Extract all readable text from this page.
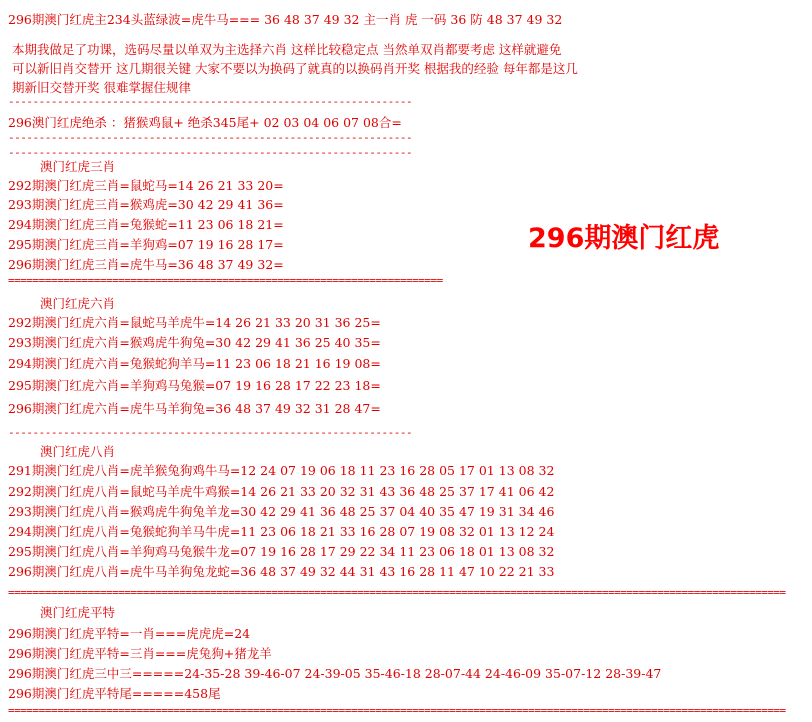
296期澳门红虎主234头蓝绿波=虎牛马=== 36 48 37 49 32 主一肖 虎 一码 36 防 48 37 49 32
本期我做足了功课，选码尽量以单双为主选择六肖 这样比较稳定点 当然单双肖都要考虑 这样就避免
可以新旧肖交替开 这几期很关键 大家不要以为换码了就真的以换码肖开奖 根据我的经验 每年都是这几
期新旧交替开奖 很难掌握住规律
------------------------------------------------------------------
296澳门红虎绝杀 ：猪猴鸡鼠+ 绝杀345尾+ 02 03 04 06 07 08合=
------------------------------------------------------------------
------------------------------------------------------------------
澳门红虎三肖
292期澳门红虎三肖=鼠蛇马=14 26 21 33 20=
293期澳门红虎三肖=猴鸡虎=30 42 29 41 36=
294期澳门红虎三肖=兔猴蛇=11 23 06 18 21=
295期澳门红虎三肖=羊狗鸡=07 19 16 28 17=
296期澳门红虎三肖=虎牛马=36 48 37 49 32=
=======================================================================
296期澳门红虎
澳门红虎六肖
292期澳门红虎六肖=鼠蛇马羊虎牛=14 26 21 33 20 31 36 25=
293期澳门红虎六肖=猴鸡虎牛狗兔=30 42 29 41 36 25 40 35=
294期澳门红虎六肖=兔猴蛇狗羊马=11 23 06 18 21 16 19 08=
295期澳门红虎六肖=羊狗鸡马兔猴=07 19 16 28 17 22 23 18=
296期澳门红虎六肖=虎牛马羊狗兔=36 48 37 49 32 31 28 47=
------------------------------------------------------------------
澳门红虎八肖
291期澳门红虎八肖=虎羊猴兔狗鸡牛马=12 24 07 19 06 18 11 23 16 28 05 17 01 13 08 32
292期澳门红虎八肖=鼠蛇马羊虎牛鸡猴=14 26 21 33 20 32 31 43 36 48 25 37 17 41 06 42
293期澳门红虎八肖=猴鸡虎牛狗兔羊龙=30 42 29 41 36 48 25 37 04 40 35 47 19 31 34 46
294期澳门红虎八肖=兔猴蛇狗羊马牛虎=11 23 06 18 21 33 16 28 07 19 08 32 01 13 12 24
295期澳门红虎八肖=羊狗鸡马兔猴牛龙=07 19 16 28 17 29 22 34 11 23 06 18 01 13 08 32
296期澳门红虎八肖=虎牛马羊狗兔龙蛇=36 48 37 49 32 44 31 43 16 28 11 47 10 22 21 33
===============================================================================================================================
澳门红虎平特
296期澳门红虎平特=一肖===虎虎虎=24
296期澳门红虎平特=三肖===虎兔狗+猪龙羊
296期澳门红虎三中三=====24-35-28 39-46-07 24-39-05 35-46-18 28-07-44 24-46-09 35-07-12 28-39-47
296期澳门红虎平特尾=====458尾
===============================================================================================================================
